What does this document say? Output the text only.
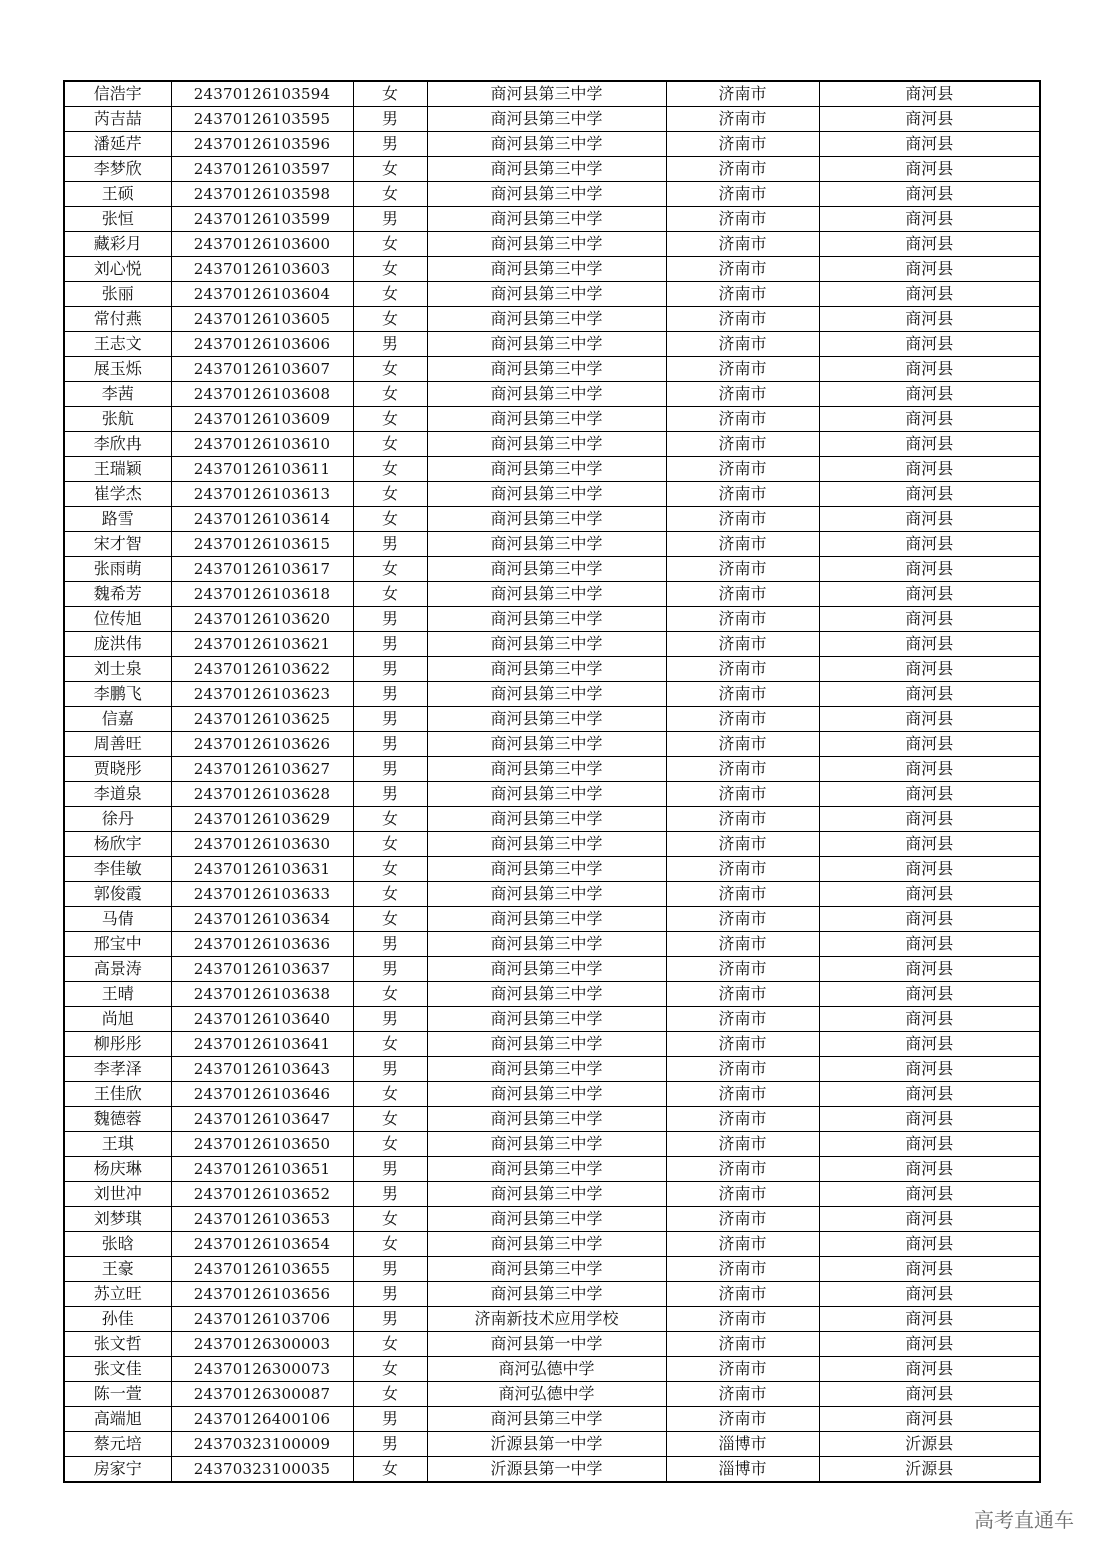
信浩宇	24370126103594	女	商河县第三中学	济南市	商河县
芮吉喆	24370126103595	男	商河县第三中学	济南市	商河县
潘延芹	24370126103596	男	商河县第三中学	济南市	商河县
李梦欣	24370126103597	女	商河县第三中学	济南市	商河县
王硕	24370126103598	女	商河县第三中学	济南市	商河县
张恒	24370126103599	男	商河县第三中学	济南市	商河县
藏彩月	24370126103600	女	商河县第三中学	济南市	商河县
刘心悦	24370126103603	女	商河县第三中学	济南市	商河县
张丽	24370126103604	女	商河县第三中学	济南市	商河县
常付燕	24370126103605	女	商河县第三中学	济南市	商河县
王志文	24370126103606	男	商河县第三中学	济南市	商河县
展玉烁	24370126103607	女	商河县第三中学	济南市	商河县
李茜	24370126103608	女	商河县第三中学	济南市	商河县
张航	24370126103609	女	商河县第三中学	济南市	商河县
李欣冉	24370126103610	女	商河县第三中学	济南市	商河县
王瑞颖	24370126103611	女	商河县第三中学	济南市	商河县
崔学杰	24370126103613	女	商河县第三中学	济南市	商河县
路雪	24370126103614	女	商河县第三中学	济南市	商河县
宋才智	24370126103615	男	商河县第三中学	济南市	商河县
张雨萌	24370126103617	女	商河县第三中学	济南市	商河县
魏希芳	24370126103618	女	商河县第三中学	济南市	商河县
位传旭	24370126103620	男	商河县第三中学	济南市	商河县
庞洪伟	24370126103621	男	商河县第三中学	济南市	商河县
刘士泉	24370126103622	男	商河县第三中学	济南市	商河县
李鹏飞	24370126103623	男	商河县第三中学	济南市	商河县
信嘉	24370126103625	男	商河县第三中学	济南市	商河县
周善旺	24370126103626	男	商河县第三中学	济南市	商河县
贾晓彤	24370126103627	男	商河县第三中学	济南市	商河县
李道泉	24370126103628	男	商河县第三中学	济南市	商河县
徐丹	24370126103629	女	商河县第三中学	济南市	商河县
杨欣宇	24370126103630	女	商河县第三中学	济南市	商河县
李佳敏	24370126103631	女	商河县第三中学	济南市	商河县
郭俊霞	24370126103633	女	商河县第三中学	济南市	商河县
马倩	24370126103634	女	商河县第三中学	济南市	商河县
邢宝中	24370126103636	男	商河县第三中学	济南市	商河县
高景涛	24370126103637	男	商河县第三中学	济南市	商河县
王晴	24370126103638	女	商河县第三中学	济南市	商河县
尚旭	24370126103640	男	商河县第三中学	济南市	商河县
柳彤彤	24370126103641	女	商河县第三中学	济南市	商河县
李孝泽	24370126103643	男	商河县第三中学	济南市	商河县
王佳欣	24370126103646	女	商河县第三中学	济南市	商河县
魏德蓉	24370126103647	女	商河县第三中学	济南市	商河县
王琪	24370126103650	女	商河县第三中学	济南市	商河县
杨庆琳	24370126103651	男	商河县第三中学	济南市	商河县
刘世冲	24370126103652	男	商河县第三中学	济南市	商河县
刘梦琪	24370126103653	女	商河县第三中学	济南市	商河县
张晗	24370126103654	女	商河县第三中学	济南市	商河县
王豪	24370126103655	男	商河县第三中学	济南市	商河县
苏立旺	24370126103656	男	商河县第三中学	济南市	商河县
孙佳	24370126103706	男	济南新技术应用学校	济南市	商河县
张文哲	24370126300003	女	商河县第一中学	济南市	商河县
张文佳	24370126300073	女	商河弘德中学	济南市	商河县
陈一萱	24370126300087	女	商河弘德中学	济南市	商河县
高端旭	24370126400106	男	商河县第三中学	济南市	商河县
蔡元培	24370323100009	男	沂源县第一中学	淄博市	沂源县
房家宁	24370323100035	女	沂源县第一中学	淄博市	沂源县
高考直通车
